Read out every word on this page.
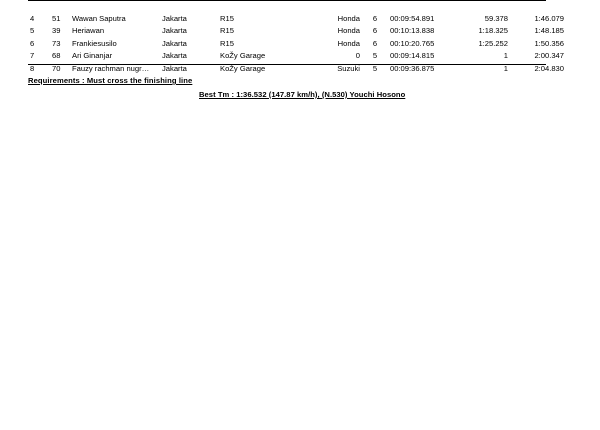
4	51	Wawan Saputra	Jakarta	R15	Honda	6	00:09:54.891	59.378	1:46.079
5	39	Heriawan	Jakarta	R15	Honda	6	00:10:13.838	1:18.325	1:48.185
6	73	Frankiesusilo	Jakarta	R15	Honda	6	00:10:20.765	1:25.252	1:50.356
7	68	Ari Ginanjar	Jakarta	KoŽy Garage	0	5	00:09:14.815	1	2:00.347
8	70	Fauzy rachman nugr…	Jakarta	KoŽy Garage	Suzuki	5	00:09:36.875	1	2:04.830
Requirements : Must cross the finishing line
Best Tm : 1:36.532 (147.87 km/h), (N.530) Youchi Hosono
